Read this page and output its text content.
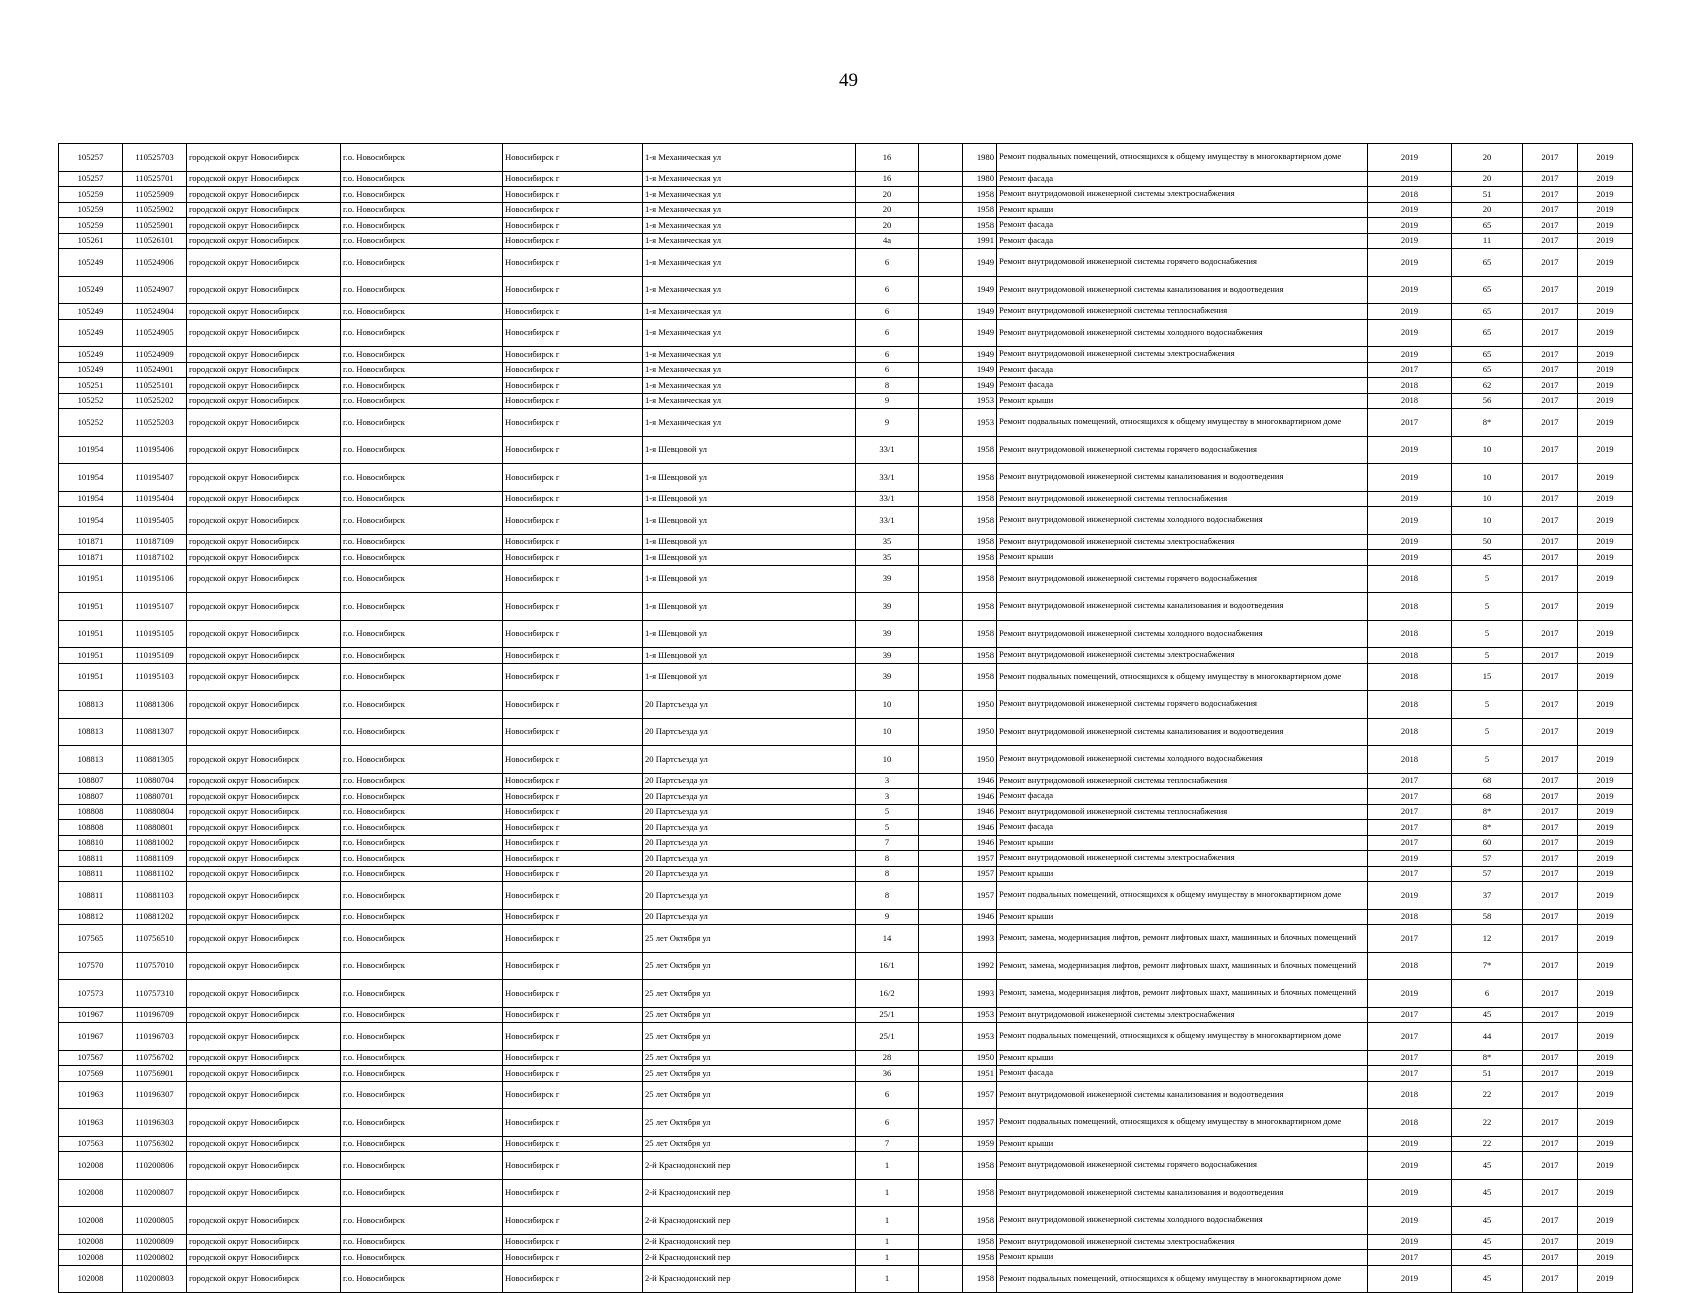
49
105257	110525703	городской округ Новосибирск	г.о. Новосибирск	Новосибирск г	1-я Механическая ул	16		1980	Ремонт подвальных помещений, относящихся к общему имуществу в многоквартирном доме	2019	20	2017	2019
105257	110525701	городской округ Новосибирск	г.о. Новосибирск	Новосибирск г	1-я Механическая ул	16		1980	Ремонт фасада	2019	20	2017	2019
105259	110525909	городской округ Новосибирск	г.о. Новосибирск	Новосибирск г	1-я Механическая ул	20		1958	Ремонт внутридомовой инженерной системы электроснабжения	2018	51	2017	2019
105259	110525902	городской округ Новосибирск	г.о. Новосибирск	Новосибирск г	1-я Механическая ул	20		1958	Ремонт крыши	2019	20	2017	2019
105259	110525901	городской округ Новосибирск	г.о. Новосибирск	Новосибирск г	1-я Механическая ул	20		1958	Ремонт фасада	2019	65	2017	2019
105261	110526101	городской округ Новосибирск	г.о. Новосибирск	Новосибирск г	1-я Механическая ул	4а		1991	Ремонт фасада	2019	11	2017	2019
105249	110524906	городской округ Новосибирск	г.о. Новосибирск	Новосибирск г	1-я Механическая ул	6		1949	Ремонт внутридомовой инженерной системы горячего водоснабжения	2019	65	2017	2019
105249	110524907	городской округ Новосибирск	г.о. Новосибирск	Новосибирск г	1-я Механическая ул	6		1949	Ремонт внутридомовой инженерной системы канализования и водоотведения	2019	65	2017	2019
105249	110524904	городской округ Новосибирск	г.о. Новосибирск	Новосибирск г	1-я Механическая ул	6		1949	Ремонт внутридомовой инженерной системы теплоснабжения	2019	65	2017	2019
105249	110524905	городской округ Новосибирск	г.о. Новосибирск	Новосибирск г	1-я Механическая ул	6		1949	Ремонт внутридомовой инженерной системы холодного водоснабжения	2019	65	2017	2019
105249	110524909	городской округ Новосибирск	г.о. Новосибирск	Новосибирск г	1-я Механическая ул	6		1949	Ремонт внутридомовой инженерной системы электроснабжения	2019	65	2017	2019
105249	110524901	городской округ Новосибирск	г.о. Новосибирск	Новосибирск г	1-я Механическая ул	6		1949	Ремонт фасада	2017	65	2017	2019
105251	110525101	городской округ Новосибирск	г.о. Новосибирск	Новосибирск г	1-я Механическая ул	8		1949	Ремонт фасада	2018	62	2017	2019
105252	110525202	городской округ Новосибирск	г.о. Новосибирск	Новосибирск г	1-я Механическая ул	9		1953	Ремонт крыши	2018	56	2017	2019
105252	110525203	городской округ Новосибирск	г.о. Новосибирск	Новосибирск г	1-я Механическая ул	9		1953	Ремонт подвальных помещений, относящихся к общему имуществу в многоквартирном доме	2017	8*	2017	2019
101954	110195406	городской округ Новосибирск	г.о. Новосибирск	Новосибирск г	1-я Шевцовой ул	33/1		1958	Ремонт внутридомовой инженерной системы горячего водоснабжения	2019	10	2017	2019
101954	110195407	городской округ Новосибирск	г.о. Новосибирск	Новосибирск г	1-я Шевцовой ул	33/1		1958	Ремонт внутридомовой инженерной системы канализования и водоотведения	2019	10	2017	2019
101954	110195404	городской округ Новосибирск	г.о. Новосибирск	Новосибирск г	1-я Шевцовой ул	33/1		1958	Ремонт внутридомовой инженерной системы теплоснабжения	2019	10	2017	2019
101954	110195405	городской округ Новосибирск	г.о. Новосибирск	Новосибирск г	1-я Шевцовой ул	33/1		1958	Ремонт внутридомовой инженерной системы холодного водоснабжения	2019	10	2017	2019
101871	110187109	городской округ Новосибирск	г.о. Новосибирск	Новосибирск г	1-я Шевцовой ул	35		1958	Ремонт внутридомовой инженерной системы электроснабжения	2019	50	2017	2019
101871	110187102	городской округ Новосибирск	г.о. Новосибирск	Новосибирск г	1-я Шевцовой ул	35		1958	Ремонт крыши	2019	45	2017	2019
101951	110195106	городской округ Новосибирск	г.о. Новосибирск	Новосибирск г	1-я Шевцовой ул	39		1958	Ремонт внутридомовой инженерной системы горячего водоснабжения	2018	5	2017	2019
101951	110195107	городской округ Новосибирск	г.о. Новосибирск	Новосибирск г	1-я Шевцовой ул	39		1958	Ремонт внутридомовой инженерной системы канализования и водоотведения	2018	5	2017	2019
101951	110195105	городской округ Новосибирск	г.о. Новосибирск	Новосибирск г	1-я Шевцовой ул	39		1958	Ремонт внутридомовой инженерной системы холодного водоснабжения	2018	5	2017	2019
101951	110195109	городской округ Новосибирск	г.о. Новосибирск	Новосибирск г	1-я Шевцовой ул	39		1958	Ремонт внутридомовой инженерной системы электроснабжения	2018	5	2017	2019
101951	110195103	городской округ Новосибирск	г.о. Новосибирск	Новосибирск г	1-я Шевцовой ул	39		1958	Ремонт подвальных помещений, относящихся к общему имуществу в многоквартирном доме	2018	15	2017	2019
108813	110881306	городской округ Новосибирск	г.о. Новосибирск	Новосибирск г	20 Партсъезда ул	10		1950	Ремонт внутридомовой инженерной системы горячего водоснабжения	2018	5	2017	2019
108813	110881307	городской округ Новосибирск	г.о. Новосибирск	Новосибирск г	20 Партсъезда ул	10		1950	Ремонт внутридомовой инженерной системы канализования и водоотведения	2018	5	2017	2019
108813	110881305	городской округ Новосибирск	г.о. Новосибирск	Новосибирск г	20 Партсъезда ул	10		1950	Ремонт внутридомовой инженерной системы холодного водоснабжения	2018	5	2017	2019
108807	110880704	городской округ Новосибирск	г.о. Новосибирск	Новосибирск г	20 Партсъезда ул	3		1946	Ремонт внутридомовой инженерной системы теплоснабжения	2017	68	2017	2019
108807	110880701	городской округ Новосибирск	г.о. Новосибирск	Новосибирск г	20 Партсъезда ул	3		1946	Ремонт фасада	2017	68	2017	2019
108808	110880804	городской округ Новосибирск	г.о. Новосибирск	Новосибирск г	20 Партсъезда ул	5		1946	Ремонт внутридомовой инженерной системы теплоснабжения	2017	8*	2017	2019
108808	110880801	городской округ Новосибирск	г.о. Новосибирск	Новосибирск г	20 Партсъезда ул	5		1946	Ремонт фасада	2017	8*	2017	2019
108810	110881002	городской округ Новосибирск	г.о. Новосибирск	Новосибирск г	20 Партсъезда ул	7		1946	Ремонт крыши	2017	60	2017	2019
108811	110881109	городской округ Новосибирск	г.о. Новосибирск	Новосибирск г	20 Партсъезда ул	8		1957	Ремонт внутридомовой инженерной системы электроснабжения	2019	57	2017	2019
108811	110881102	городской округ Новосибирск	г.о. Новосибирск	Новосибирск г	20 Партсъезда ул	8		1957	Ремонт крыши	2017	57	2017	2019
108811	110881103	городской округ Новосибирск	г.о. Новосибирск	Новосибирск г	20 Партсъезда ул	8		1957	Ремонт подвальных помещений, относящихся к общему имуществу в многоквартирном доме	2019	37	2017	2019
108812	110881202	городской округ Новосибирск	г.о. Новосибирск	Новосибирск г	20 Партсъезда ул	9		1946	Ремонт крыши	2018	58	2017	2019
107565	110756510	городской округ Новосибирск	г.о. Новосибирск	Новосибирск г	25 лет Октября ул	14		1993	Ремонт, замена, модернизация лифтов, ремонт лифтовых шахт, машинных и блочных помещений	2017	12	2017	2019
107570	110757010	городской округ Новосибирск	г.о. Новосибирск	Новосибирск г	25 лет Октября ул	16/1		1992	Ремонт, замена, модернизация лифтов, ремонт лифтовых шахт, машинных и блочных помещений	2018	7*	2017	2019
107573	110757310	городской округ Новосибирск	г.о. Новосибирск	Новосибирск г	25 лет Октября ул	16/2		1993	Ремонт, замена, модернизация лифтов, ремонт лифтовых шахт, машинных и блочных помещений	2019	6	2017	2019
101967	110196709	городской округ Новосибирск	г.о. Новосибирск	Новосибирск г	25 лет Октября ул	25/1		1953	Ремонт внутридомовой инженерной системы электроснабжения	2017	45	2017	2019
101967	110196703	городской округ Новосибирск	г.о. Новосибирск	Новосибирск г	25 лет Октября ул	25/1		1953	Ремонт подвальных помещений, относящихся к общему имуществу в многоквартирном доме	2017	44	2017	2019
107567	110756702	городской округ Новосибирск	г.о. Новосибирск	Новосибирск г	25 лет Октября ул	28		1950	Ремонт крыши	2017	8*	2017	2019
107569	110756901	городской округ Новосибирск	г.о. Новосибирск	Новосибирск г	25 лет Октября ул	36		1951	Ремонт фасада	2017	51	2017	2019
101963	110196307	городской округ Новосибирск	г.о. Новосибирск	Новосибирск г	25 лет Октября ул	6		1957	Ремонт внутридомовой инженерной системы канализования и водоотведения	2018	22	2017	2019
101963	110196303	городской округ Новосибирск	г.о. Новосибирск	Новосибирск г	25 лет Октября ул	6		1957	Ремонт подвальных помещений, относящихся к общему имуществу в многоквартирном доме	2018	22	2017	2019
107563	110756302	городской округ Новосибирск	г.о. Новосибирск	Новосибирск г	25 лет Октября ул	7		1959	Ремонт крыши	2019	22	2017	2019
102008	110200806	городской округ Новосибирск	г.о. Новосибирск	Новосибирск г	2-й Краснодонский пер	1		1958	Ремонт внутридомовой инженерной системы горячего водоснабжения	2019	45	2017	2019
102008	110200807	городской округ Новосибирск	г.о. Новосибирск	Новосибирск г	2-й Краснодонский пер	1		1958	Ремонт внутридомовой инженерной системы канализования и водоотведения	2019	45	2017	2019
102008	110200805	городской округ Новосибирск	г.о. Новосибирск	Новосибирск г	2-й Краснодонский пер	1		1958	Ремонт внутридомовой инженерной системы холодного водоснабжения	2019	45	2017	2019
102008	110200809	городской округ Новосибирск	г.о. Новосибирск	Новосибирск г	2-й Краснодонский пер	1		1958	Ремонт внутридомовой инженерной системы электроснабжения	2019	45	2017	2019
102008	110200802	городской округ Новосибирск	г.о. Новосибирск	Новосибирск г	2-й Краснодонский пер	1		1958	Ремонт крыши	2017	45	2017	2019
102008	110200803	городской округ Новосибирск	г.о. Новосибирск	Новосибирск г	2-й Краснодонский пер	1		1958	Ремонт подвальных помещений, относящихся к общему имуществу в многоквартирном доме	2019	45	2017	2019
